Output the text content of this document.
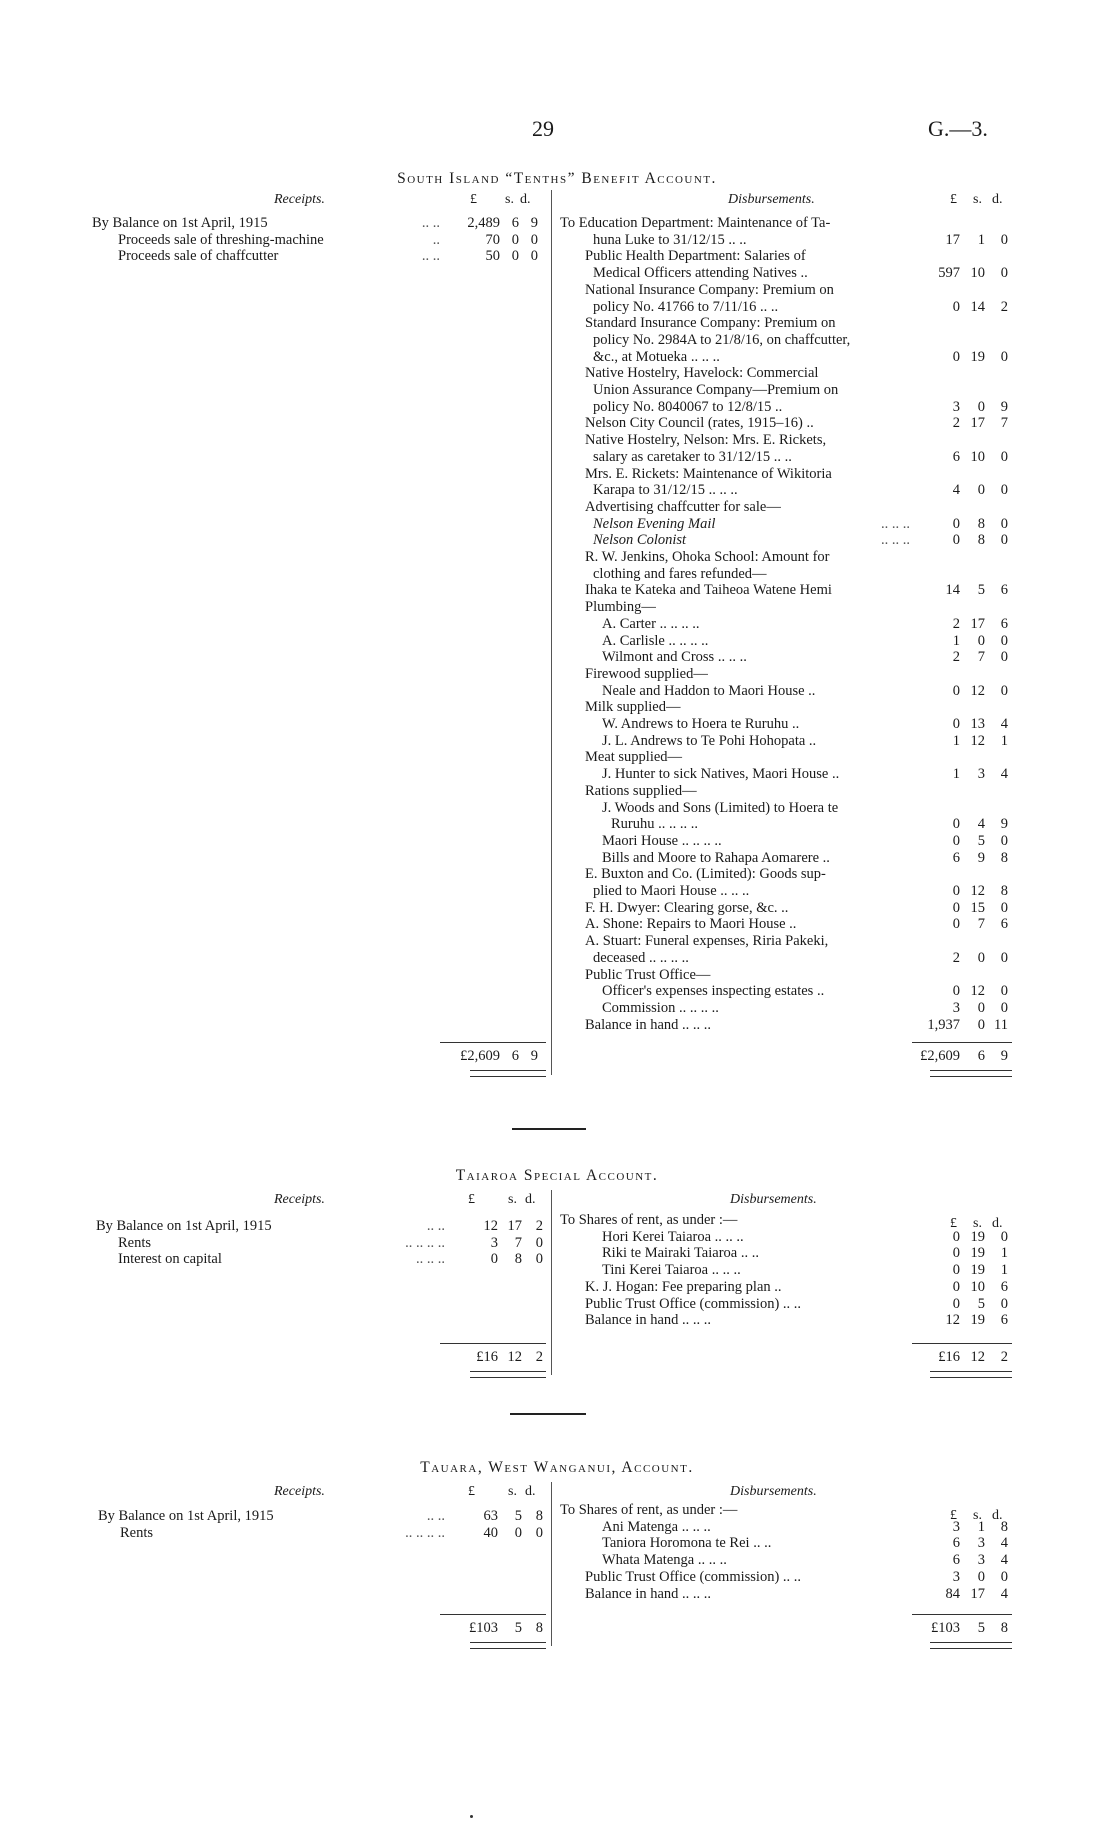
29	G.—3.
South Island “Tenths” Benefit Account.
Receipts.	Disbursements.
£ s. d.	£ s. d.
By Balance on 1st April, 1915	.. ..	2,489 6 9
Proceeds sale of threshing-machine	..	70 0 0
Proceeds sale of chaffcutter	.. ..	50 0 0
To Education Department: Maintenance of Ta-
huna Luke to 31/12/15 .. ..	17	1	0
Public Health Department: Salaries of
Medical Officers attending Natives ..	597 10	0
National Insurance Company: Premium on
policy No. 41766 to 7/11/16 .. ..	0 14	2
Standard Insurance Company: Premium on
policy No. 2984A to 21/8/16, on chaffcutter,
&c., at Motueka .. .. ..	0 19	0
Native Hostelry, Havelock: Commercial
Union Assurance Company—Premium on
policy No. 8040067 to 12/8/15 ..	3	0	9
Nelson City Council (rates, 1915–16) ..	2 17	7
Native Hostelry, Nelson: Mrs. E. Rickets,
salary as caretaker to 31/12/15 .. ..	6 10	0
Mrs. E. Rickets: Maintenance of Wikitoria
Karapa to 31/12/15 .. .. ..	4	0	0
Advertising chaffcutter for sale—
Nelson Evening Mail	.. .. ..	0	8	0
Nelson Colonist	.. .. ..	0	8	0
R. W. Jenkins, Ohoka School: Amount for
clothing and fares refunded—
Ihaka te Kateka and Taiheoa Watene Hemi	14	5	6
Plumbing—
A. Carter .. .. .. ..	2 17	6
A. Carlisle .. .. .. ..	1	0	0
Wilmont and Cross .. .. ..	2	7	0
Firewood supplied—
Neale and Haddon to Maori House ..	0 12	0
Milk supplied—
W. Andrews to Hoera te Ruruhu ..	0 13	4
J. L. Andrews to Te Pohi Hohopata ..	1 12	1
Meat supplied—
J. Hunter to sick Natives, Maori House ..	1	3	4
Rations supplied—
J. Woods and Sons (Limited) to Hoera te
Ruruhu .. .. .. ..	0	4	9
Maori House .. .. .. ..	0	5	0
Bills and Moore to Rahapa Aomarere ..	6	9	8
E. Buxton and Co. (Limited): Goods sup-
plied to Maori House .. .. ..	0 12	8
F. H. Dwyer: Clearing gorse, &c. ..	0 15	0
A. Shone: Repairs to Maori House ..	0	7	6
A. Stuart: Funeral expenses, Riria Pakeki,
deceased .. .. .. ..	2	0	0
Public Trust Office—
Officer's expenses inspecting estates ..	0 12	0
Commission .. .. .. ..	3	0	0
Balance in hand .. .. ..	1,937	0 11
£2,609 6 9	£2,609	6	9
Taiaroa Special Account.
Receipts.	Disbursements.
£ s. d.
£ s. d.
By Balance on 1st April, 1915	.. ..	12 17 2
Rents	.. .. .. ..	3	7 0
Interest on capital	.. .. ..	0	8 0
To Shares of rent, as under :—
Hori Kerei Taiaroa .. .. ..	0 19	0
Riki te Mairaki Taiaroa .. ..	0 19	1
Tini Kerei Taiaroa .. .. ..	0 19	1
K. J. Hogan: Fee preparing plan ..	0 10	6
Public Trust Office (commission) .. ..	0	5	0
Balance in hand .. .. ..	12 19	6
£16 12 2	£16 12	2
Tauara, West Wanganui, Account.
Receipts.	Disbursements.
£ s. d.
£ s. d.
By Balance on 1st April, 1915	.. ..	63	5 8
Rents	.. .. .. ..	40	0 0
To Shares of rent, as under :—
Ani Matenga .. .. ..	3	1	8
Taniora Horomona te Rei .. ..	6	3	4
Whata Matenga .. .. ..	6	3	4
Public Trust Office (commission) .. ..	3	0	0
Balance in hand .. .. ..	84 17	4
£103	5 8	£103	5	8
